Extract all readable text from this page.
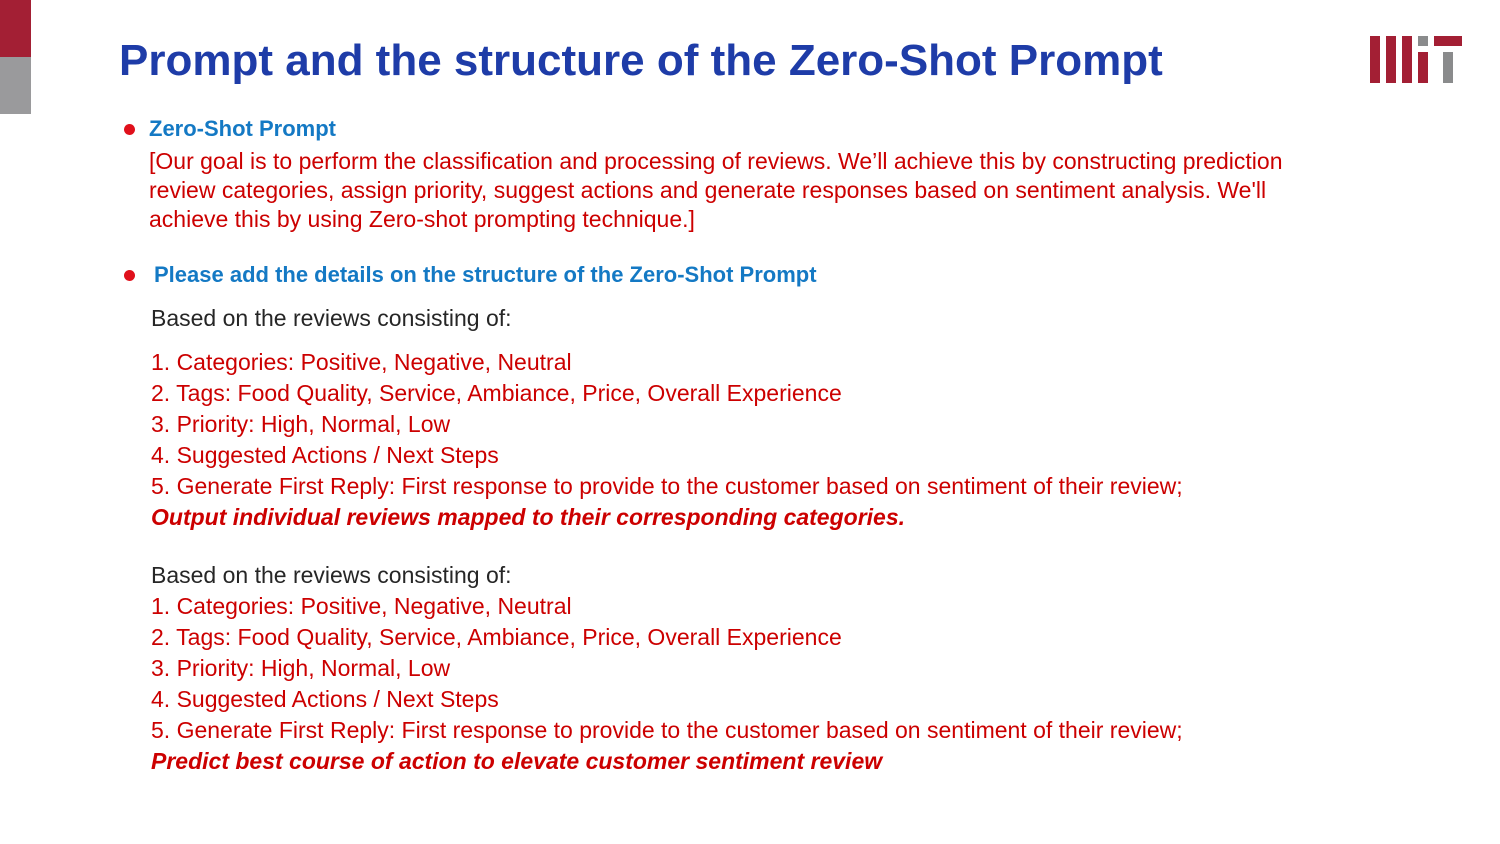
Prompt and the structure of the Zero-Shot Prompt
Zero-Shot Prompt

[Our goal is to perform the classification and processing of reviews. We’ll achieve this by constructing prediction review categories, assign priority, suggest actions and generate responses based on sentiment analysis. We'll achieve this by using Zero-shot prompting technique.]

Please add the details on the structure of the Zero-Shot Prompt
Based on the reviews consisting of:
1. Categories: Positive, Negative, Neutral
2. Tags: Food Quality, Service, Ambiance, Price, Overall Experience
3. Priority: High, Normal, Low
4. Suggested Actions / Next Steps
5. Generate First Reply: First response to provide to the customer based on sentiment of their review;
Output individual reviews mapped to their corresponding categories.
Based on the reviews consisting of:
1. Categories: Positive, Negative, Neutral
2. Tags: Food Quality, Service, Ambiance, Price, Overall Experience
3. Priority: High, Normal, Low
4. Suggested Actions / Next Steps
5. Generate First Reply: First response to provide to the customer based on sentiment of their review;
Predict best course of action to elevate customer sentiment review
